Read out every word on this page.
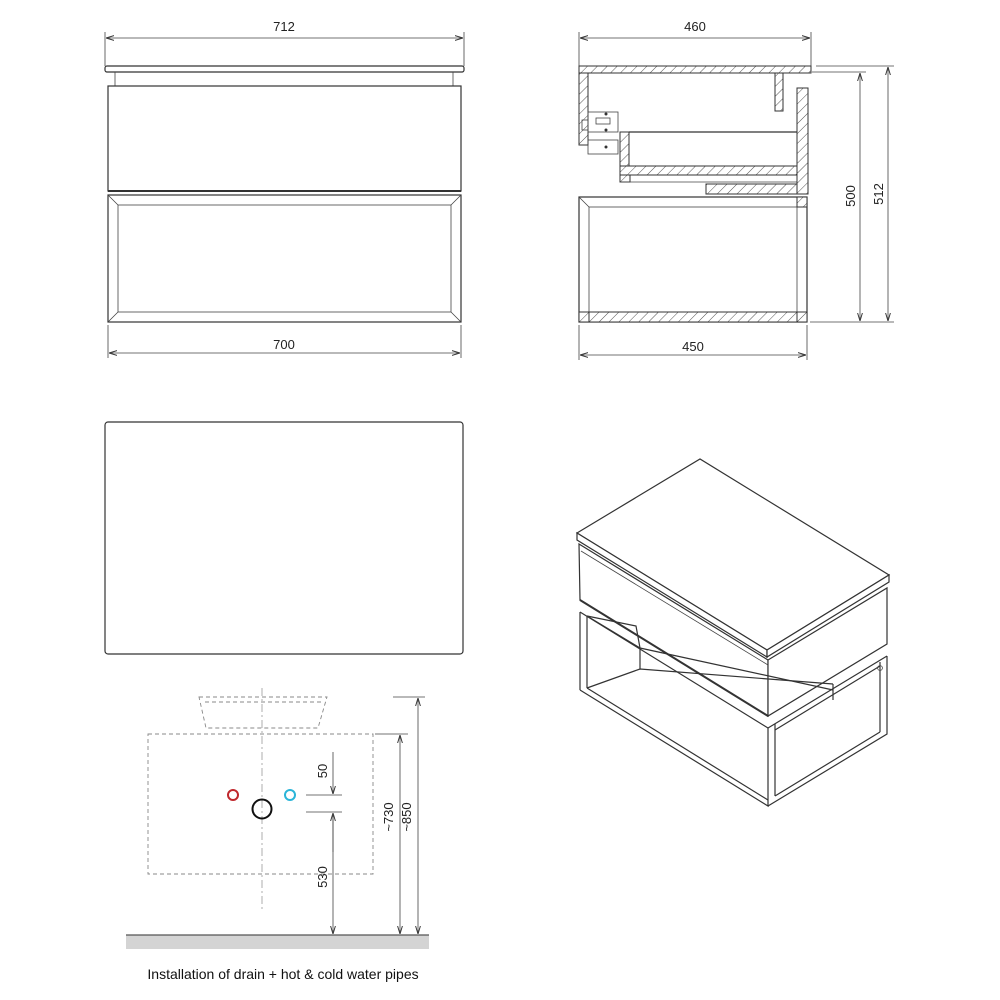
712
700
460
500 512
450
50
530
~730 ~850
Installation of drain + hot & cold water pipes
